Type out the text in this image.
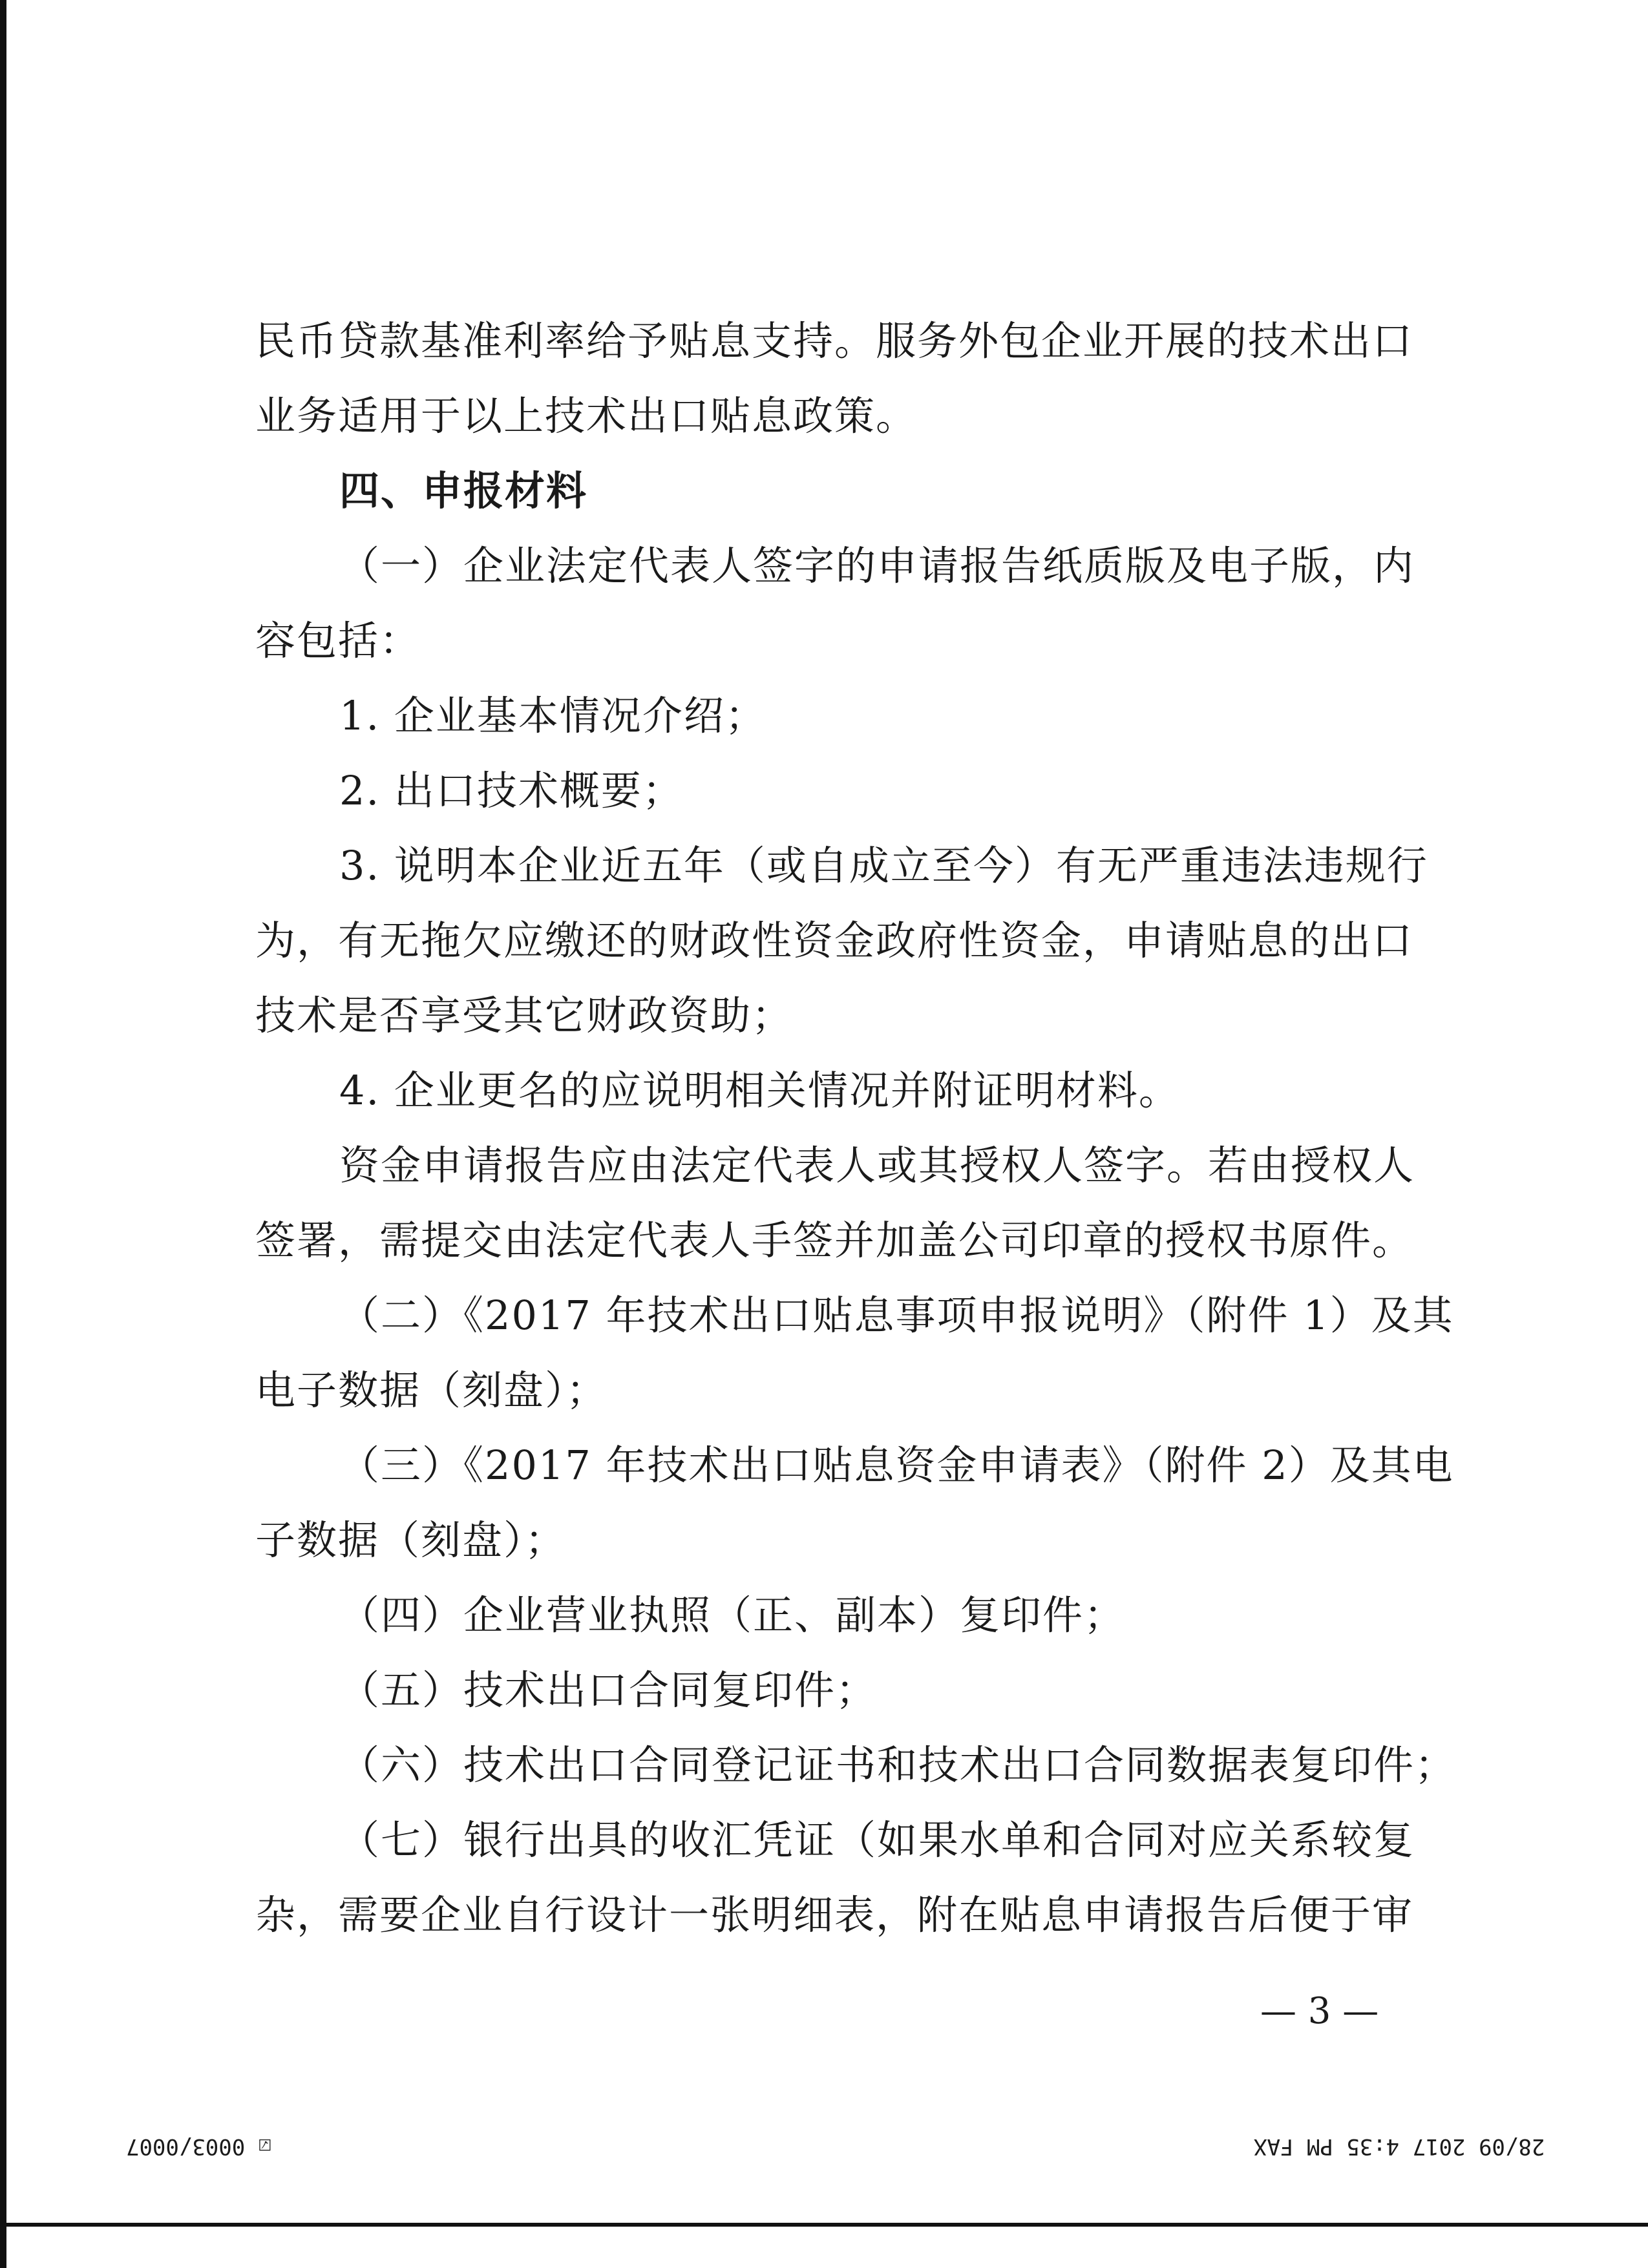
民币贷款基准利率给予贴息支持。服务外包企业开展的技术出口
业务适用于以上技术出口贴息政策。
四、申报材料
（一）企业法定代表人签字的申请报告纸质版及电子版，内
容包括：
1. 企业基本情况介绍；
2. 出口技术概要；
3. 说明本企业近五年（或自成立至今）有无严重违法违规行
为，有无拖欠应缴还的财政性资金政府性资金，申请贴息的出口
技术是否享受其它财政资助；
4. 企业更名的应说明相关情况并附证明材料。
资金申请报告应由法定代表人或其授权人签字。若由授权人
签署，需提交由法定代表人手签并加盖公司印章的授权书原件。
（二）《2017 年技术出口贴息事项申报说明》（附件 1）及其
电子数据（刻盘）；
（三）《2017 年技术出口贴息资金申请表》（附件 2）及其电
子数据（刻盘）；
（四）企业营业执照（正、副本）复印件；
（五）技术出口合同复印件；
（六）技术出口合同登记证书和技术出口合同数据表复印件；
（七）银行出具的收汇凭证（如果水单和合同对应关系较复
杂，需要企业自行设计一张明细表，附在贴息申请报告后便于审
— 3 —
☑ 0003/0007	28/09 2017 4:35 PM FAX
